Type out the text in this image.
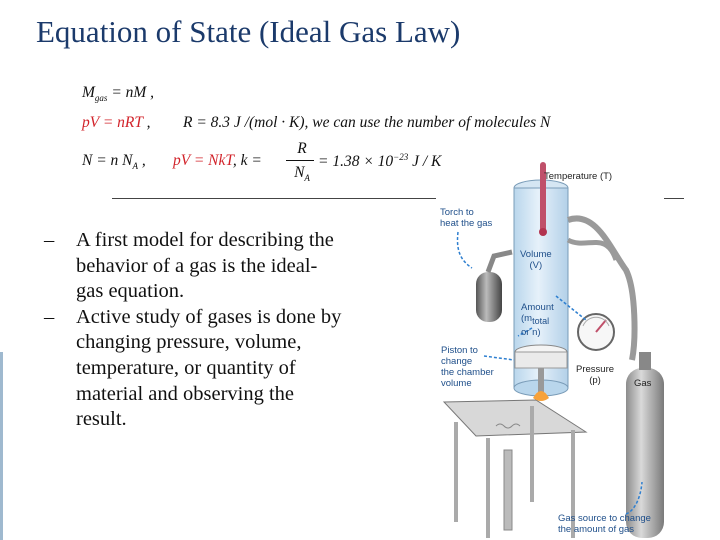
Equation of State (Ideal Gas Law)
$M_{gas}$ = nM ,
pV = nRT , R = 8.3 J /(mol · K), we can use the number of molecules N
N = n $N_A$ , pV = NkT, k =
R
$N_A$
= $1.38 \times 10^{-23}$ J / K
–	A first model for describing the behavior of a gas is the ideal-gas equation.
–	Active study of gases is done by changing pressure, volume, temperature, or quantity of material and observing the result.
Temperature (T)
Torch to
heat the gas
Volume
(V)
Amount
($m_{total}$
or n)
Piston to
change
the chamber
volume
Pressure
(p)	Gas
Gas source to change
the amount of gas
